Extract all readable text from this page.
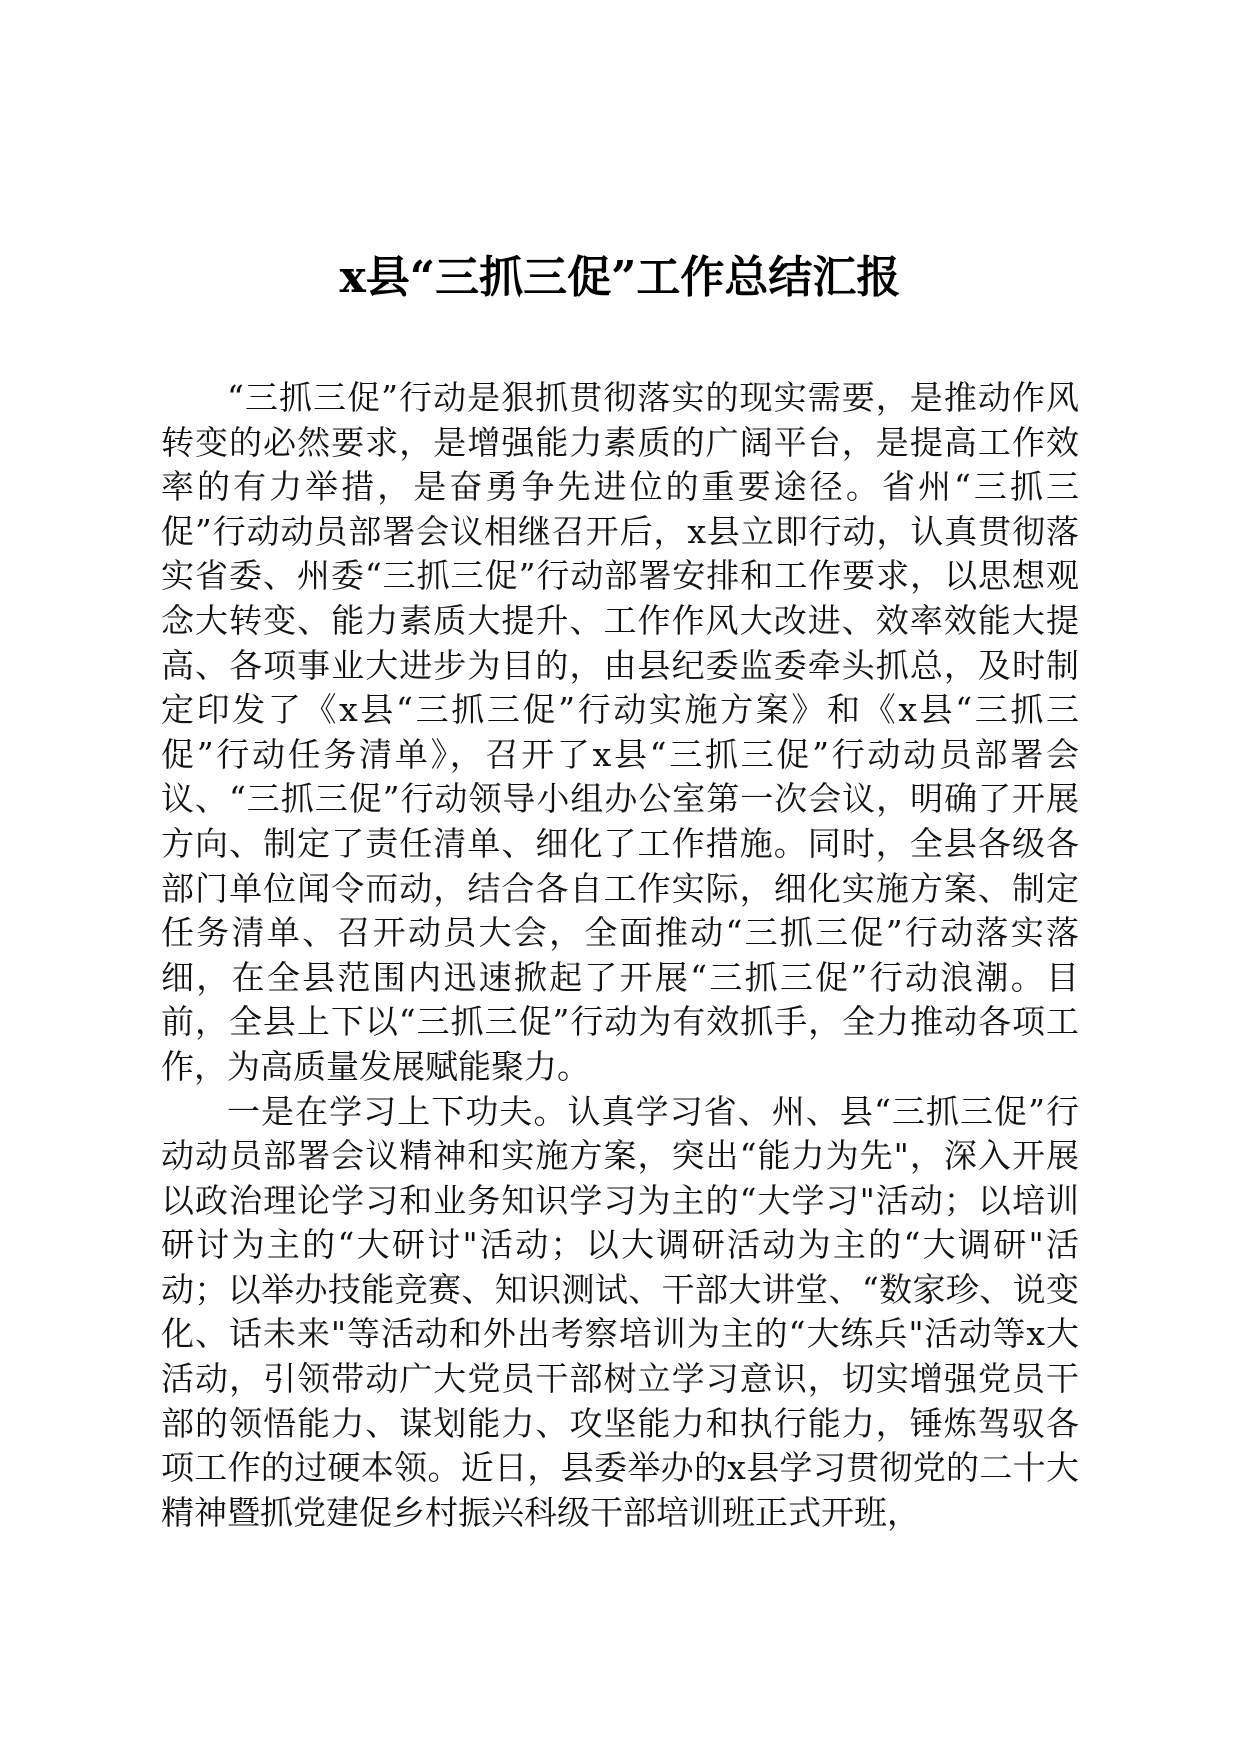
x县“三抓三促”工作总结汇报

“三抓三促”行动是狠抓贯彻落实的现实需要，是推动作风转变的必然要求，是增强能力素质的广阔平台，是提高工作效率的有力举措，是奋勇争先进位的重要途径。省州“三抓三促”行动动员部署会议相继召开后，x县立即行动，认真贯彻落实省委、州委“三抓三促”行动部署安排和工作要求，以思想观念大转变、能力素质大提升、工作作风大改进、效率效能大提高、各项事业大进步为目的，由县纪委监委牵头抓总，及时制定印发了《x县“三抓三促”行动实施方案》和《x县“三抓三促”行动任务清单》，召开了x县“三抓三促”行动动员部署会议、“三抓三促”行动领导小组办公室第一次会议，明确了开展方向、制定了责任清单、细化了工作措施。同时，全县各级各部门单位闻令而动，结合各自工作实际，细化实施方案、制定任务清单、召开动员大会，全面推动“三抓三促”行动落实落细，在全县范围内迅速掀起了开展“三抓三促”行动浪潮。目前，全县上下以“三抓三促”行动为有效抓手，全力推动各项工作，为高质量发展赋能聚力。

一是在学习上下功夫。认真学习省、州、县“三抓三促”行动动员部署会议精神和实施方案，突出“能力为先"，深入开展以政治理论学习和业务知识学习为主的“大学习"活动；以培训研讨为主的“大研讨"活动；以大调研活动为主的“大调研"活动；以举办技能竞赛、知识测试、干部大讲堂、“数家珍、说变化、话未来"等活动和外出考察培训为主的“大练兵"活动等x大活动，引领带动广大党员干部树立学习意识，切实增强党员干部的领悟能力、谋划能力、攻坚能力和执行能力，锤炼驾驭各项工作的过硬本领。近日，县委举办的x县学习贯彻党的二十大精神暨抓党建促乡村振兴科级干部培训班正式开班，
